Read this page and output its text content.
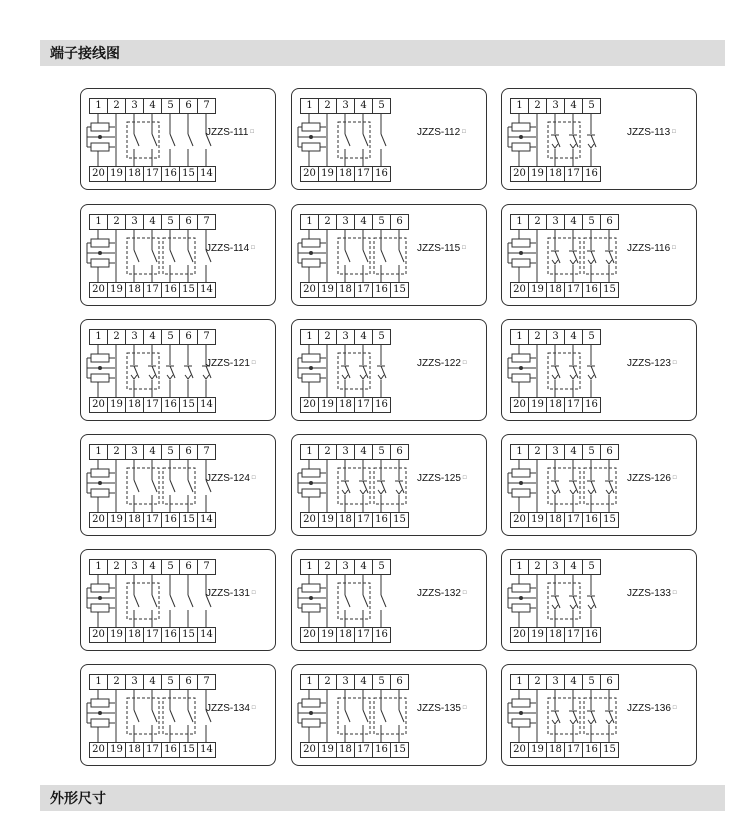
端子接线图
1	2	3	4	5	6	7
20 19 18 17 16 15 14
JZZS-111 □
1	2	3	4	5
20 19 18 17 16
JZZS-112 □
1	2	3	4	5
20 19 18 17 16
JZZS-113 □
1	2	3	4	5	6	7
20 19 18 17 16 15 14
JZZS-114 □
1	2	3	4	5	6
20 19 18 17 16 15
JZZS-115 □
1	2	3	4	5	6
20 19 18 17 16 15
JZZS-116 □
1	2	3	4	5	6	7
20 19 18 17 16 15 14
JZZS-121 □
1	2	3	4	5
20 19 18 17 16
JZZS-122 □
1	2	3	4	5
20 19 18 17 16
JZZS-123 □
1	2	3	4	5	6	7
20 19 18 17 16 15 14
JZZS-124 □
1	2	3	4	5	6
20 19 18 17 16 15
JZZS-125 □
1	2	3	4	5	6
20 19 18 17 16 15
JZZS-126 □
1	2	3	4	5	6	7
20 19 18 17 16 15 14
JZZS-131 □
1	2	3	4	5
20 19 18 17 16
JZZS-132 □
1	2	3	4	5
20 19 18 17 16
JZZS-133 □
1	2	3	4	5	6	7
20 19 18 17 16 15 14
JZZS-134 □
1	2	3	4	5	6
20 19 18 17 16 15
JZZS-135 □
1	2	3	4	5	6
20 19 18 17 16 15
JZZS-136 □
外形尺寸
